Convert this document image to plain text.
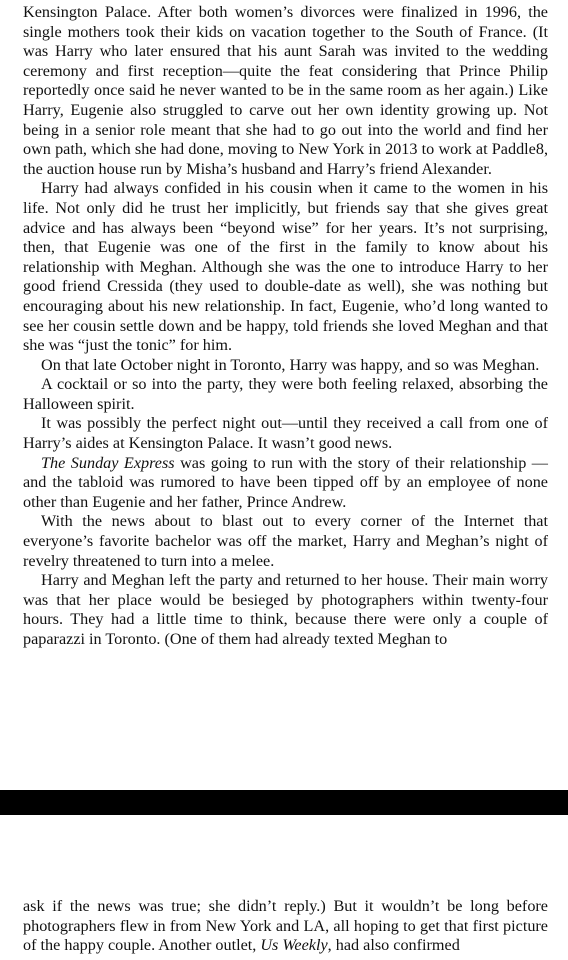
Kensington Palace. After both women’s divorces were finalized in 1996, the single mothers took their kids on vacation together to the South of France. (It was Harry who later ensured that his aunt Sarah was invited to the wedding ceremony and first reception—quite the feat considering that Prince Philip reportedly once said he never wanted to be in the same room as her again.) Like Harry, Eugenie also struggled to carve out her own identity growing up. Not being in a senior role meant that she had to go out into the world and find her own path, which she had done, moving to New York in 2013 to work at Paddle8, the auction house run by Misha’s husband and Harry’s friend Alexander.

Harry had always confided in his cousin when it came to the women in his life. Not only did he trust her implicitly, but friends say that she gives great advice and has always been “beyond wise” for her years. It’s not surprising, then, that Eugenie was one of the first in the family to know about his relationship with Meghan. Although she was the one to introduce Harry to her good friend Cressida (they used to double-date as well), she was nothing but encouraging about his new relationship. In fact, Eugenie, who’d long wanted to see her cousin settle down and be happy, told friends she loved Meghan and that she was “just the tonic” for him.

On that late October night in Toronto, Harry was happy, and so was Meghan.

A cocktail or so into the party, they were both feeling relaxed, absorbing the Halloween spirit.

It was possibly the perfect night out—until they received a call from one of Harry’s aides at Kensington Palace. It wasn’t good news.

The Sunday Express was going to run with the story of their relationship —and the tabloid was rumored to have been tipped off by an employee of none other than Eugenie and her father, Prince Andrew.

With the news about to blast out to every corner of the Internet that everyone’s favorite bachelor was off the market, Harry and Meghan’s night of revelry threatened to turn into a melee.

Harry and Meghan left the party and returned to her house. Their main worry was that her place would be besieged by photographers within twenty-four hours. They had a little time to think, because there were only a couple of paparazzi in Toronto. (One of them had already texted Meghan to

ask if the news was true; she didn’t reply.) But it wouldn’t be long before photographers flew in from New York and LA, all hoping to get that first picture of the happy couple. Another outlet, Us Weekly, had also confirmed
